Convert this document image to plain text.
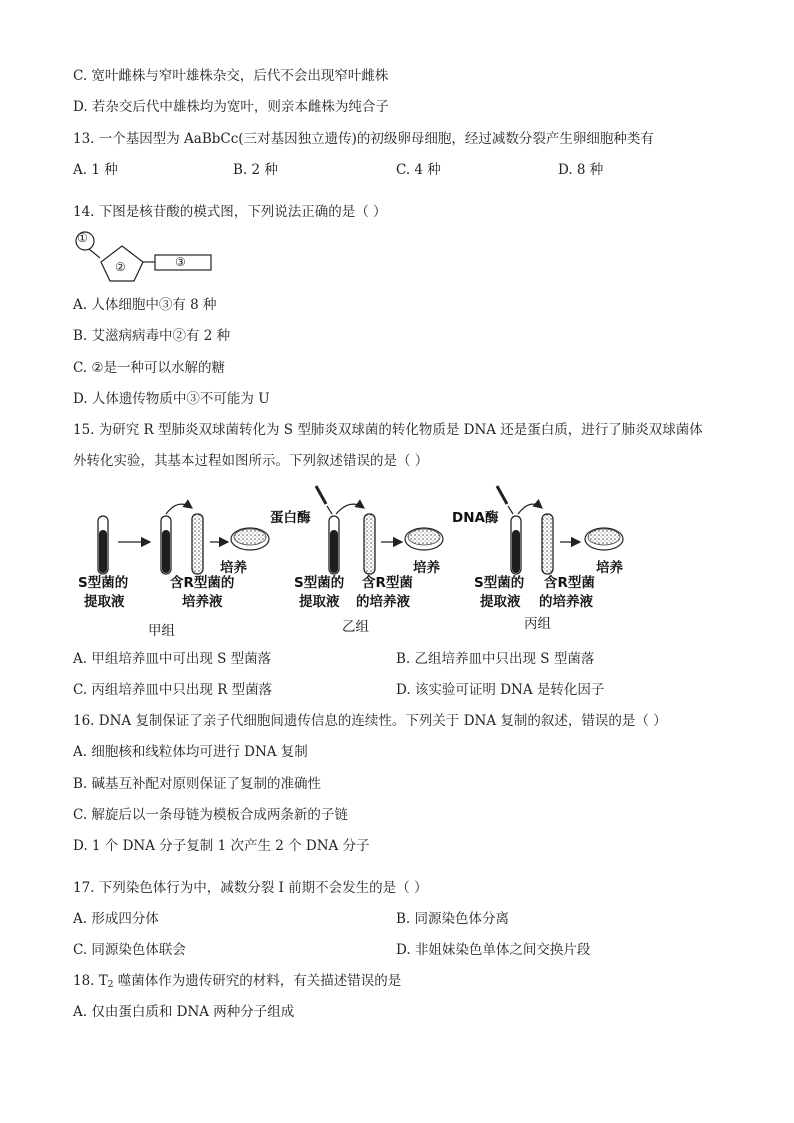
C. 宽叶雌株与窄叶雄株杂交，后代不会出现窄叶雌株
D. 若杂交后代中雄株均为宽叶，则亲本雌株为纯合子
13. 一个基因型为 AaBbCc(三对基因独立遗传)的初级卵母细胞，经过减数分裂产生卵细胞种类有
A. 1 种	B. 2 种	C. 4 种	D. 8 种
14. 下图是核苷酸的模式图，下列说法正确的是（ ）
①
②	③
A. 人体细胞中③有 8 种
B. 艾滋病病毒中②有 2 种
C. ②是一种可以水解的糖
D. 人体遗传物质中③不可能为 U
15. 为研究 R 型肺炎双球菌转化为 S 型肺炎双球菌的转化物质是 DNA 还是蛋白质，进行了肺炎双球菌体
外转化实验，其基本过程如图所示。下列叙述错误的是（ ）
蛋白酶	DNA酶
S型菌的
提取液
含R型菌的
培养液
培养
甲组
S型菌的
提取液
含R型菌
的培养液
培养
乙组
S型菌的
提取液
含R型菌
的培养液
培养
丙组
A. 甲组培养皿中可出现 S 型菌落	B. 乙组培养皿中只出现 S 型菌落
C. 丙组培养皿中只出现 R 型菌落	D. 该实验可证明 DNA 是转化因子
16. DNA 复制保证了亲子代细胞间遗传信息的连续性。下列关于 DNA 复制的叙述，错误的是（ ）
A. 细胞核和线粒体均可进行 DNA 复制
B. 碱基互补配对原则保证了复制的准确性
C. 解旋后以一条母链为模板合成两条新的子链
D. 1 个 DNA 分子复制 1 次产生 2 个 DNA 分子
17. 下列染色体行为中，减数分裂 I 前期不会发生的是（ ）
A. 形成四分体	B. 同源染色体分离
C. 同源染色体联会	D. 非姐妹染色单体之间交换片段
18. $T_2$ 噬菌体作为遗传研究的材料，有关描述错误的是
A. 仅由蛋白质和 DNA 两种分子组成
